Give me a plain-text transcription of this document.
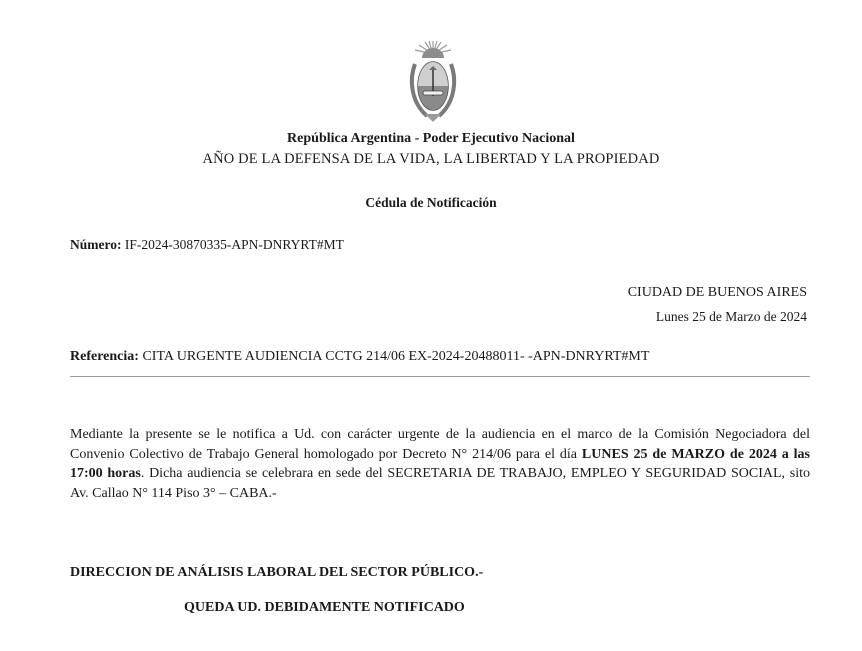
República Argentina - Poder Ejecutivo Nacional
AÑO DE LA DEFENSA DE LA VIDA, LA LIBERTAD Y LA PROPIEDAD
Cédula de Notificación
Número: IF-2024-30870335-APN-DNRYRT#MT
CIUDAD DE BUENOS AIRES
Lunes 25 de Marzo de 2024
Referencia: CITA URGENTE AUDIENCIA CCTG 214/06 EX-2024-20488011- -APN-DNRYRT#MT
Mediante la presente se le notifica a Ud. con carácter urgente de la audiencia en el marco de la Comisión Negociadora del Convenio Colectivo de Trabajo General homologado por Decreto N° 214/06 para el día LUNES 25 de MARZO de 2024 a las 17:00 horas. Dicha audiencia se celebrara en sede del SECRETARIA DE TRABAJO, EMPLEO Y SEGURIDAD SOCIAL, sito Av. Callao N° 114 Piso 3° – CABA.-
DIRECCION DE ANÁLISIS LABORAL DEL SECTOR PÚBLICO.-
QUEDA UD. DEBIDAMENTE NOTIFICADO
